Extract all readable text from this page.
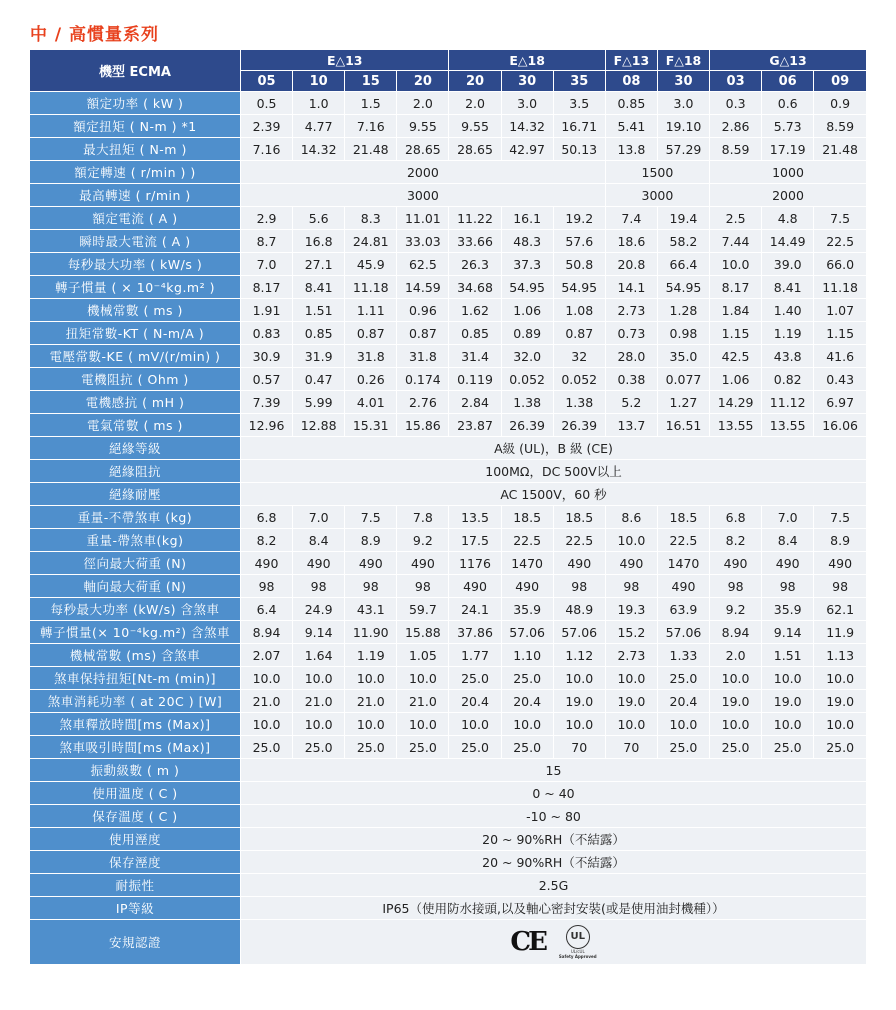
中 / 高慣量系列
機型 ECMA	E△13				E△18			F△13	F△18	G△13		
	05	10	15	20	20	30	35	08	30	03	06	09
額定功率 ( kW )	0.5	1.0	1.5	2.0	2.0	3.0	3.5	0.85	3.0	0.3	0.6	0.9
額定扭矩 ( N-m ) *1	2.39	4.77	7.16	9.55	9.55	14.32	16.71	5.41	19.10	2.86	5.73	8.59
最大扭矩 ( N-m )	7.16	14.32	21.48	28.65	28.65	42.97	50.13	13.8	57.29	8.59	17.19	21.48
額定轉速 ( r/min ) )	2000							1500		1000		
最高轉速 ( r/min )	3000							3000		2000		
額定電流 ( A )	2.9	5.6	8.3	11.01	11.22	16.1	19.2	7.4	19.4	2.5	4.8	7.5
瞬時最大電流 ( A )	8.7	16.8	24.81	33.03	33.66	48.3	57.6	18.6	58.2	7.44	14.49	22.5
每秒最大功率 ( kW/s )	7.0	27.1	45.9	62.5	26.3	37.3	50.8	20.8	66.4	10.0	39.0	66.0
轉子慣量 ( × 10⁻⁴kg.m² )	8.17	8.41	11.18	14.59	34.68	54.95	54.95	14.1	54.95	8.17	8.41	11.18
機械常數 ( ms )	1.91	1.51	1.11	0.96	1.62	1.06	1.08	2.73	1.28	1.84	1.40	1.07
扭矩常數-KT ( N-m/A )	0.83	0.85	0.87	0.87	0.85	0.89	0.87	0.73	0.98	1.15	1.19	1.15
電壓常數-KE ( mV/(r/min) )	30.9	31.9	31.8	31.8	31.4	32.0	32	28.0	35.0	42.5	43.8	41.6
電機阻抗 ( Ohm )	0.57	0.47	0.26	0.174	0.119	0.052	0.052	0.38	0.077	1.06	0.82	0.43
電機感抗 ( mH )	7.39	5.99	4.01	2.76	2.84	1.38	1.38	5.2	1.27	14.29	11.12	6.97
電氣常數 ( ms )	12.96	12.88	15.31	15.86	23.87	26.39	26.39	13.7	16.51	13.55	13.55	16.06
絕緣等級	A級 (UL)，B 級 (CE)											
絕緣阻抗	100MΩ，DC 500V以上											
絕緣耐壓	AC 1500V，60 秒											
重量-不帶煞車 (kg)	6.8	7.0	7.5	7.8	13.5	18.5	18.5	8.6	18.5	6.8	7.0	7.5
重量-帶煞車(kg)	8.2	8.4	8.9	9.2	17.5	22.5	22.5	10.0	22.5	8.2	8.4	8.9
徑向最大荷重 (N)	490	490	490	490	1176	1470	490	490	1470	490	490	490
軸向最大荷重 (N)	98	98	98	98	490	490	98	98	490	98	98	98
每秒最大功率 (kW/s) 含煞車	6.4	24.9	43.1	59.7	24.1	35.9	48.9	19.3	63.9	9.2	35.9	62.1
轉子慣量(× 10⁻⁴kg.m²) 含煞車	8.94	9.14	11.90	15.88	37.86	57.06	57.06	15.2	57.06	8.94	9.14	11.9
機械常數 (ms) 含煞車	2.07	1.64	1.19	1.05	1.77	1.10	1.12	2.73	1.33	2.0	1.51	1.13
煞車保持扭矩[Nt-m (min)]	10.0	10.0	10.0	10.0	25.0	25.0	10.0	10.0	25.0	10.0	10.0	10.0
煞車消耗功率 ( at 20C ) [W]	21.0	21.0	21.0	21.0	20.4	20.4	19.0	19.0	20.4	19.0	19.0	19.0
煞車釋放時間[ms (Max)]	10.0	10.0	10.0	10.0	10.0	10.0	10.0	10.0	10.0	10.0	10.0	10.0
煞車吸引時間[ms (Max)]	25.0	25.0	25.0	25.0	25.0	25.0	70	70	25.0	25.0	25.0	25.0
振動級數 ( m )	15											
使用溫度 ( C )	0 ~ 40											
保存溫度 ( C )	-10 ~ 80											
使用溼度	20 ~ 90%RH（不結露）											
保存溼度	20 ~ 90%RH（不結露）											
耐振性	2.5G											
IP等級	IP65（使用防水接頭,以及軸心密封安裝(或是使用油封機種））											
安規認證	CE UL
UL/cUL
Safety Approved											
